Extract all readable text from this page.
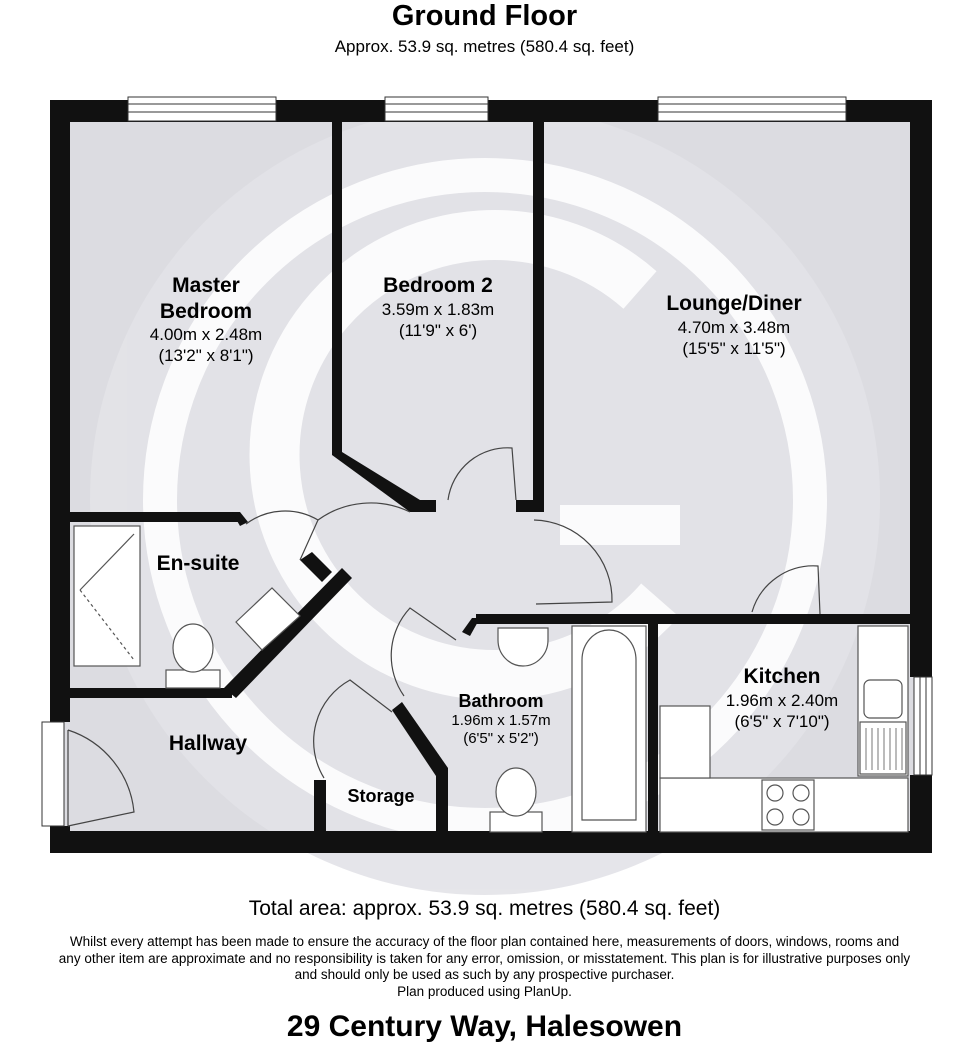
Ground Floor
Approx. 53.9 sq. metres (580.4 sq. feet)
Master
Bedroom
4.00m x 2.48m
(13'2" x 8'1")
Bedroom 2
3.59m x 1.83m
(11'9" x 6')
Lounge/Diner
4.70m x 3.48m
(15'5" x 11'5")
En-suite
Hallway
Storage
Bathroom
1.96m x 1.57m
(6'5" x 5'2")
Kitchen
1.96m x 2.40m
(6'5" x 7'10")
Total area: approx. 53.9 sq. metres (580.4 sq. feet)
Whilst every attempt has been made to ensure the accuracy of the floor plan contained here, measurements of doors, windows, rooms and
any other item are approximate and no responsibility is taken for any error, omission, or misstatement. This plan is for illustrative purposes only
and should only be used as such by any prospective purchaser.
Plan produced using PlanUp.
29 Century Way, Halesowen
